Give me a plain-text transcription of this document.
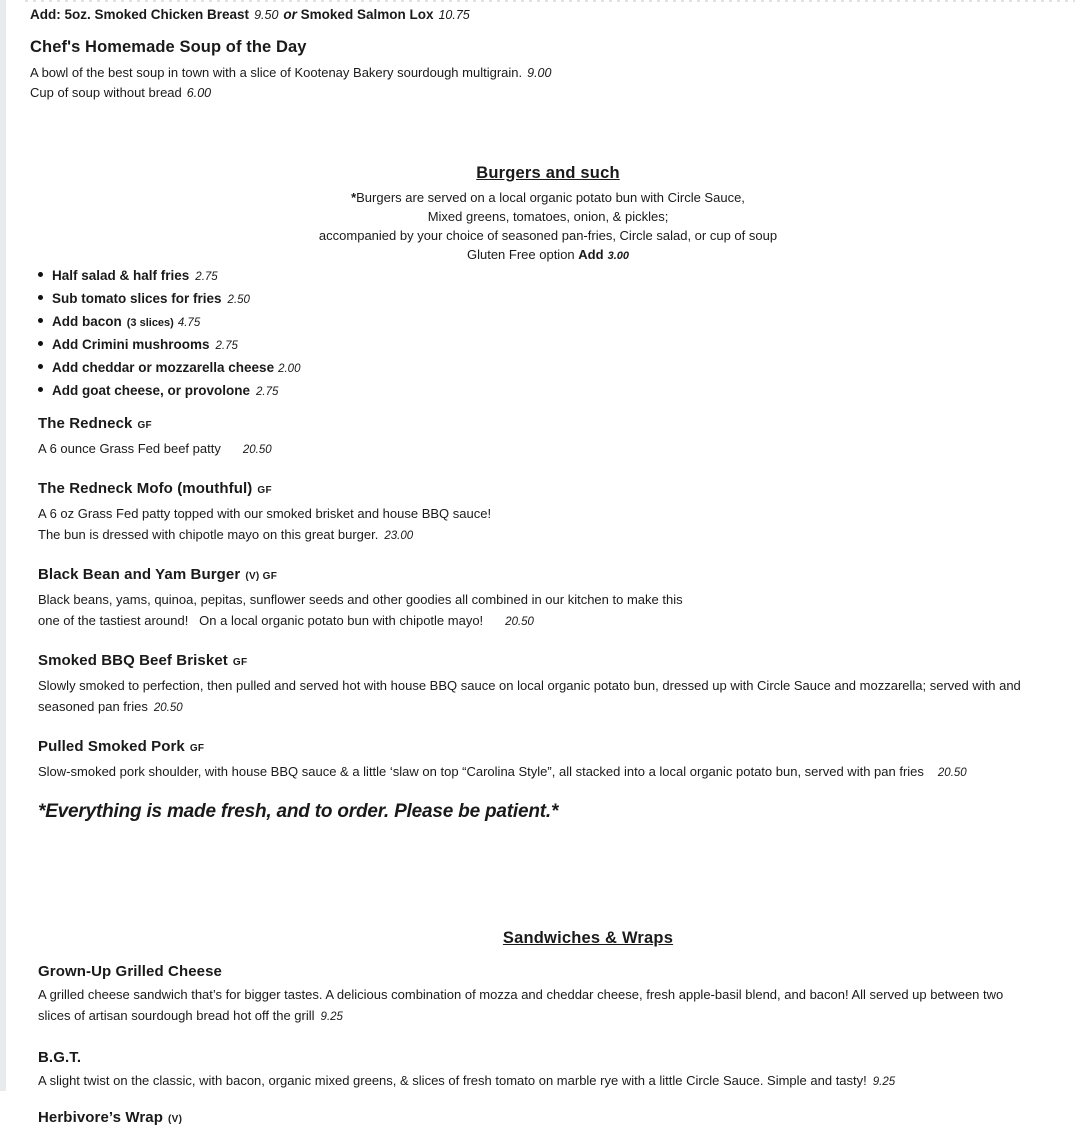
Add: 5oz. Smoked Chicken Breast 9.50 or Smoked Salmon Lox 10.75

Chef's Homemade Soup of the Day

A bowl of the best soup in town with a slice of Kootenay Bakery sourdough multigrain. 9.00

Cup of soup without bread 6.00

Burgers and such

*Burgers are served on a local organic potato bun with Circle Sauce,

Mixed greens, tomatoes, onion, & pickles;

accompanied by your choice of seasoned pan-fries, Circle salad, or cup of soup

Gluten Free option Add 3.00

Half salad & half fries 2.75
Sub tomato slices for fries 2.50
Add bacon (3 slices) 4.75
Add Crimini mushrooms 2.75
Add cheddar or mozzarella cheese 2.00
Add goat cheese, or provolone 2.75
The Redneck GF

A 6 ounce Grass Fed beef patty 20.50

The Redneck Mofo (mouthful) GF

A 6 oz Grass Fed patty topped with our smoked brisket and house BBQ sauce!
The bun is dressed with chipotle mayo on this great burger. 23.00

Black Bean and Yam Burger (V) GF

Black beans, yams, quinoa, pepitas, sunflower seeds and other goodies all combined in our kitchen to make this
one of the tastiest around!   On a local organic potato bun with chipotle mayo! 20.50

Smoked BBQ Beef Brisket GF

Slowly smoked to perfection, then pulled and served hot with house BBQ sauce on local organic potato bun, dressed up with Circle Sauce and mozzarella; served with and
seasoned pan fries 20.50

Pulled Smoked Pork GF

Slow-smoked pork shoulder, with house BBQ sauce & a little ‘slaw on top “Carolina Style”, all stacked into a local organic potato bun, served with pan fries 20.50

*Everything is made fresh, and to order. Please be patient.*

Sandwiches & Wraps
Grown-Up Grilled Cheese

A grilled cheese sandwich that’s for bigger tastes. A delicious combination of mozza and cheddar cheese, fresh apple-basil blend, and bacon! All served up between two
slices of artisan sourdough bread hot off the grill 9.25

B.G.T.

A slight twist on the classic, with bacon, organic mixed greens, & slices of fresh tomato on marble rye with a little Circle Sauce. Simple and tasty! 9.25

Herbivore’s Wrap (V)
